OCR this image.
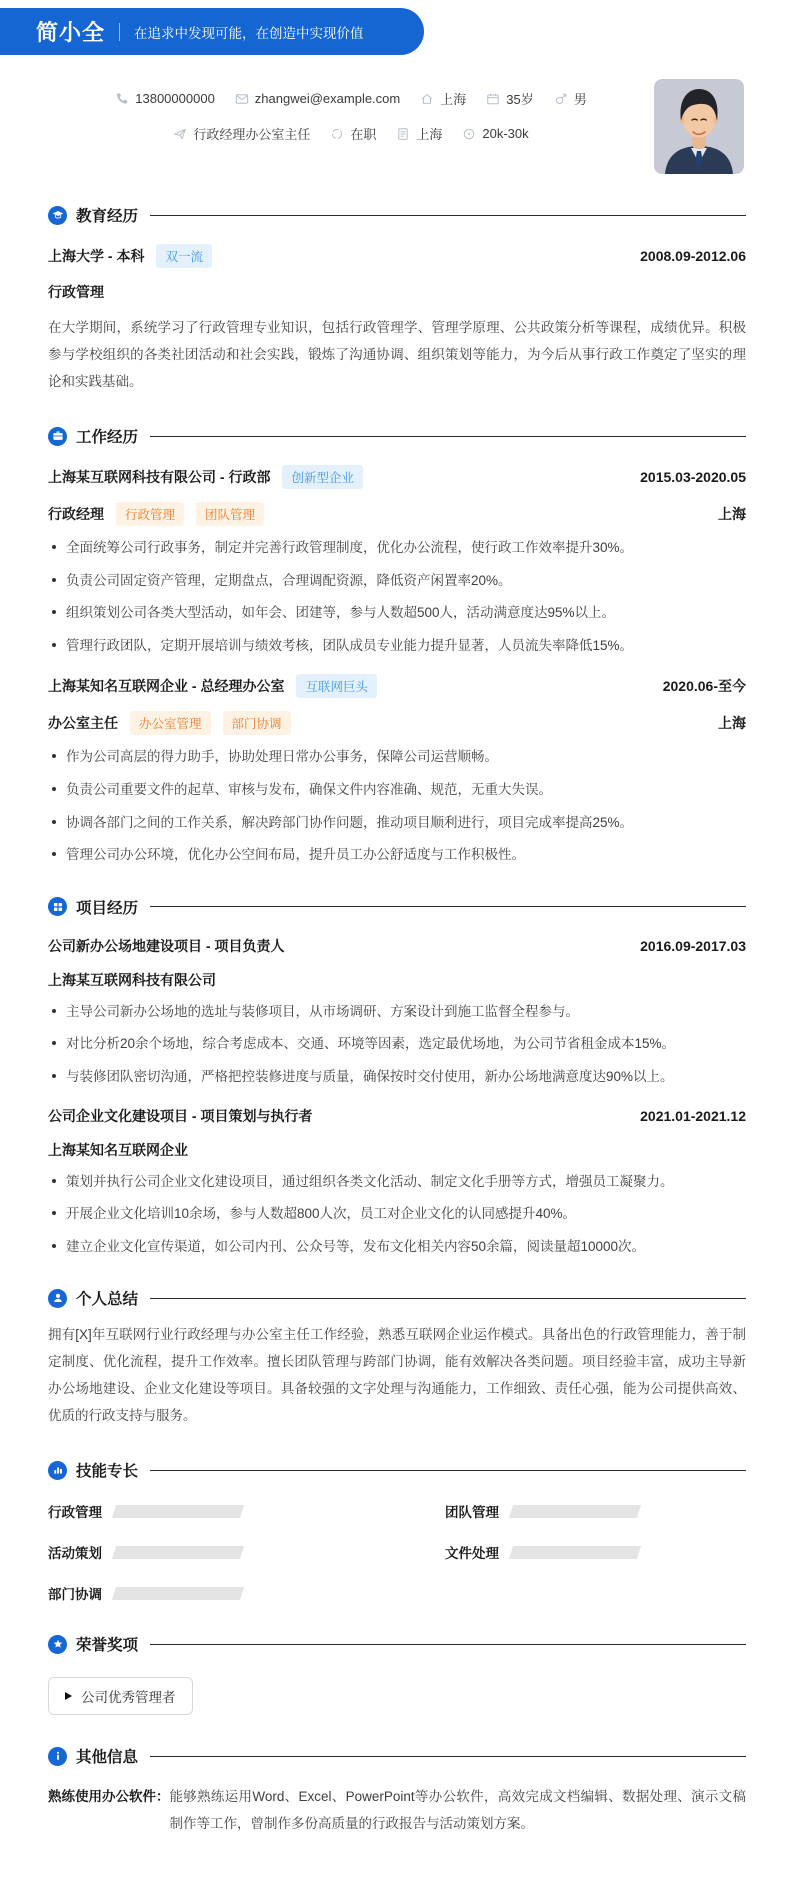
简小全 在追求中发现可能，在创造中实现价值
13800000000	zhangwei@example.com	上海	35岁	男
行政经理办公室主任	在职	上海	20k-30k
教育经历
上海大学 - 本科	双一流	2008.09-2012.06
行政管理

在大学期间，系统学习了行政管理专业知识，包括行政管理学、管理学原理、公共政策分析等课程，成绩优异。积极参与学校组织的各类社团活动和社会实践，锻炼了沟通协调、组织策划等能力，为今后从事行政工作奠定了坚实的理论和实践基础。

工作经历
上海某互联网科技有限公司 - 行政部	创新型企业	2015.03-2020.05
行政经理	行政管理	团队管理	上海
全面统筹公司行政事务，制定并完善行政管理制度，优化办公流程，使行政工作效率提升30%。
负责公司固定资产管理，定期盘点，合理调配资源，降低资产闲置率20%。
组织策划公司各类大型活动，如年会、团建等，参与人数超500人，活动满意度达95%以上。
管理行政团队，定期开展培训与绩效考核，团队成员专业能力提升显著，人员流失率降低15%。
上海某知名互联网企业 - 总经理办公室	互联网巨头	2020.06-至今
办公室主任	办公室管理	部门协调	上海
作为公司高层的得力助手，协助处理日常办公事务，保障公司运营顺畅。
负责公司重要文件的起草、审核与发布，确保文件内容准确、规范，无重大失误。
协调各部门之间的工作关系，解决跨部门协作问题，推动项目顺利进行，项目完成率提高25%。
管理公司办公环境，优化办公空间布局，提升员工办公舒适度与工作积极性。
项目经历
公司新办公场地建设项目 - 项目负责人	2016.09-2017.03
上海某互联网科技有限公司
主导公司新办公场地的选址与装修项目，从市场调研、方案设计到施工监督全程参与。
对比分析20余个场地，综合考虑成本、交通、环境等因素，选定最优场地，为公司节省租金成本15%。
与装修团队密切沟通，严格把控装修进度与质量，确保按时交付使用，新办公场地满意度达90%以上。
公司企业文化建设项目 - 项目策划与执行者	2021.01-2021.12
上海某知名互联网企业
策划并执行公司企业文化建设项目，通过组织各类文化活动、制定文化手册等方式，增强员工凝聚力。
开展企业文化培训10余场，参与人数超800人次，员工对企业文化的认同感提升40%。
建立企业文化宣传渠道，如公司内刊、公众号等，发布文化相关内容50余篇，阅读量超10000次。
个人总结

拥有[X]年互联网行业行政经理与办公室主任工作经验，熟悉互联网企业运作模式。具备出色的行政管理能力，善于制定制度、优化流程，提升工作效率。擅长团队管理与跨部门协调，能有效解决各类问题。项目经验丰富，成功主导新办公场地建设、企业文化建设等项目。具备较强的文字处理与沟通能力，工作细致、责任心强，能为公司提供高效、优质的行政支持与服务。

技能专长
行政管理	团队管理
活动策划	文件处理
部门协调
荣誉奖项
公司优秀管理者
其他信息
熟练使用办公软件： 能够熟练运用Word、Excel、PowerPoint等办公软件，高效完成文档编辑、数据处理、演示文稿制作等工作，曾制作多份高质量的行政报告与活动策划方案。
